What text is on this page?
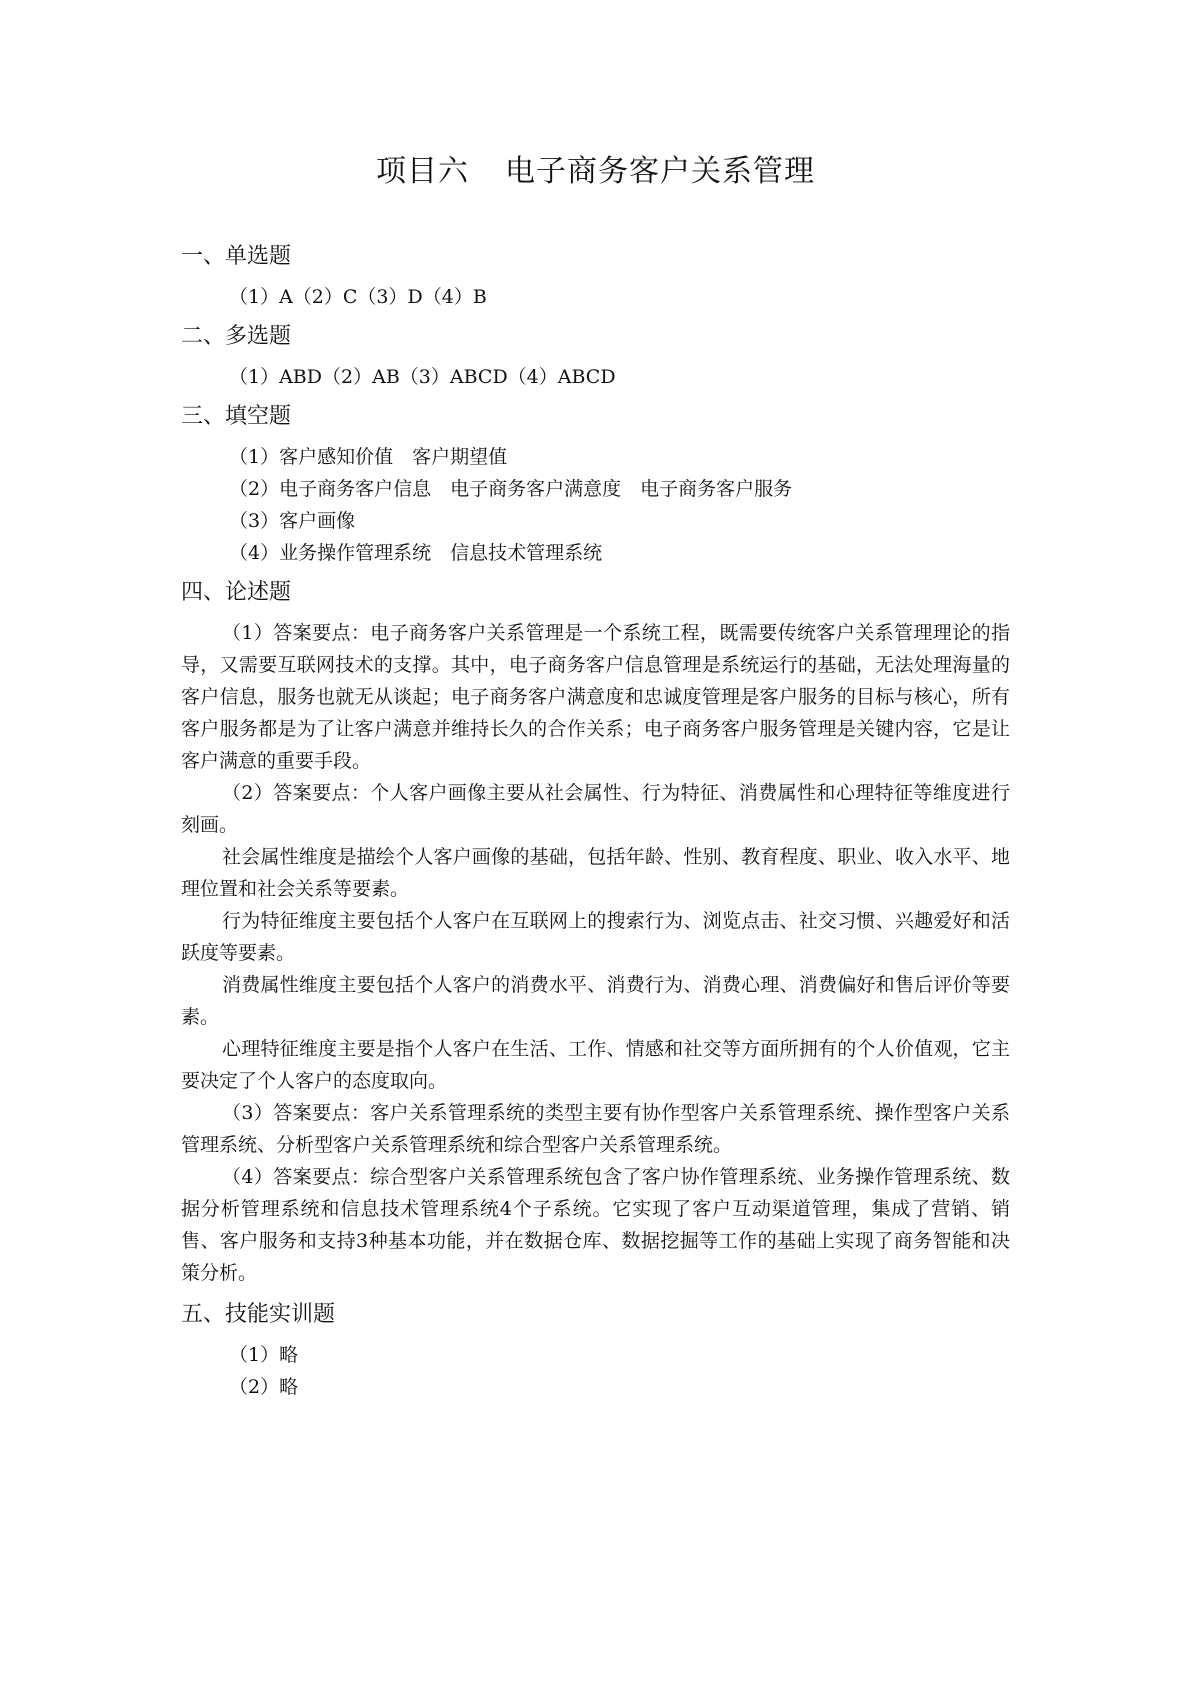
项目六 电子商务客户关系管理
一、单选题
（1）A（2）C（3）D（4）B
二、多选题
（1）ABD（2）AB（3）ABCD（4）ABCD
三、填空题
（1）客户感知价值　客户期望值
（2）电子商务客户信息　电子商务客户满意度　电子商务客户服务
（3）客户画像
（4）业务操作管理系统　信息技术管理系统
四、论述题
（1）答案要点：电子商务客户关系管理是一个系统工程，既需要传统客户关系管理理论的指导，又需要互联网技术的支撑。其中，电子商务客户信息管理是系统运行的基础，无法处理海量的客户信息，服务也就无从谈起；电子商务客户满意度和忠诚度管理是客户服务的目标与核心，所有客户服务都是为了让客户满意并维持长久的合作关系；电子商务客户服务管理是关键内容，它是让客户满意的重要手段。
（2）答案要点：个人客户画像主要从社会属性、行为特征、消费属性和心理特征等维度进行刻画。
社会属性维度是描绘个人客户画像的基础，包括年龄、性别、教育程度、职业、收入水平、地理位置和社会关系等要素。
行为特征维度主要包括个人客户在互联网上的搜索行为、浏览点击、社交习惯、兴趣爱好和活跃度等要素。
消费属性维度主要包括个人客户的消费水平、消费行为、消费心理、消费偏好和售后评价等要素。
心理特征维度主要是指个人客户在生活、工作、情感和社交等方面所拥有的个人价值观，它主要决定了个人客户的态度取向。
（3）答案要点：客户关系管理系统的类型主要有协作型客户关系管理系统、操作型客户关系管理系统、分析型客户关系管理系统和综合型客户关系管理系统。
（4）答案要点：综合型客户关系管理系统包含了客户协作管理系统、业务操作管理系统、数据分析管理系统和信息技术管理系统4个子系统。它实现了客户互动渠道管理，集成了营销、销售、客户服务和支持3种基本功能，并在数据仓库、数据挖掘等工作的基础上实现了商务智能和决策分析。
五、技能实训题
（1）略
（2）略
